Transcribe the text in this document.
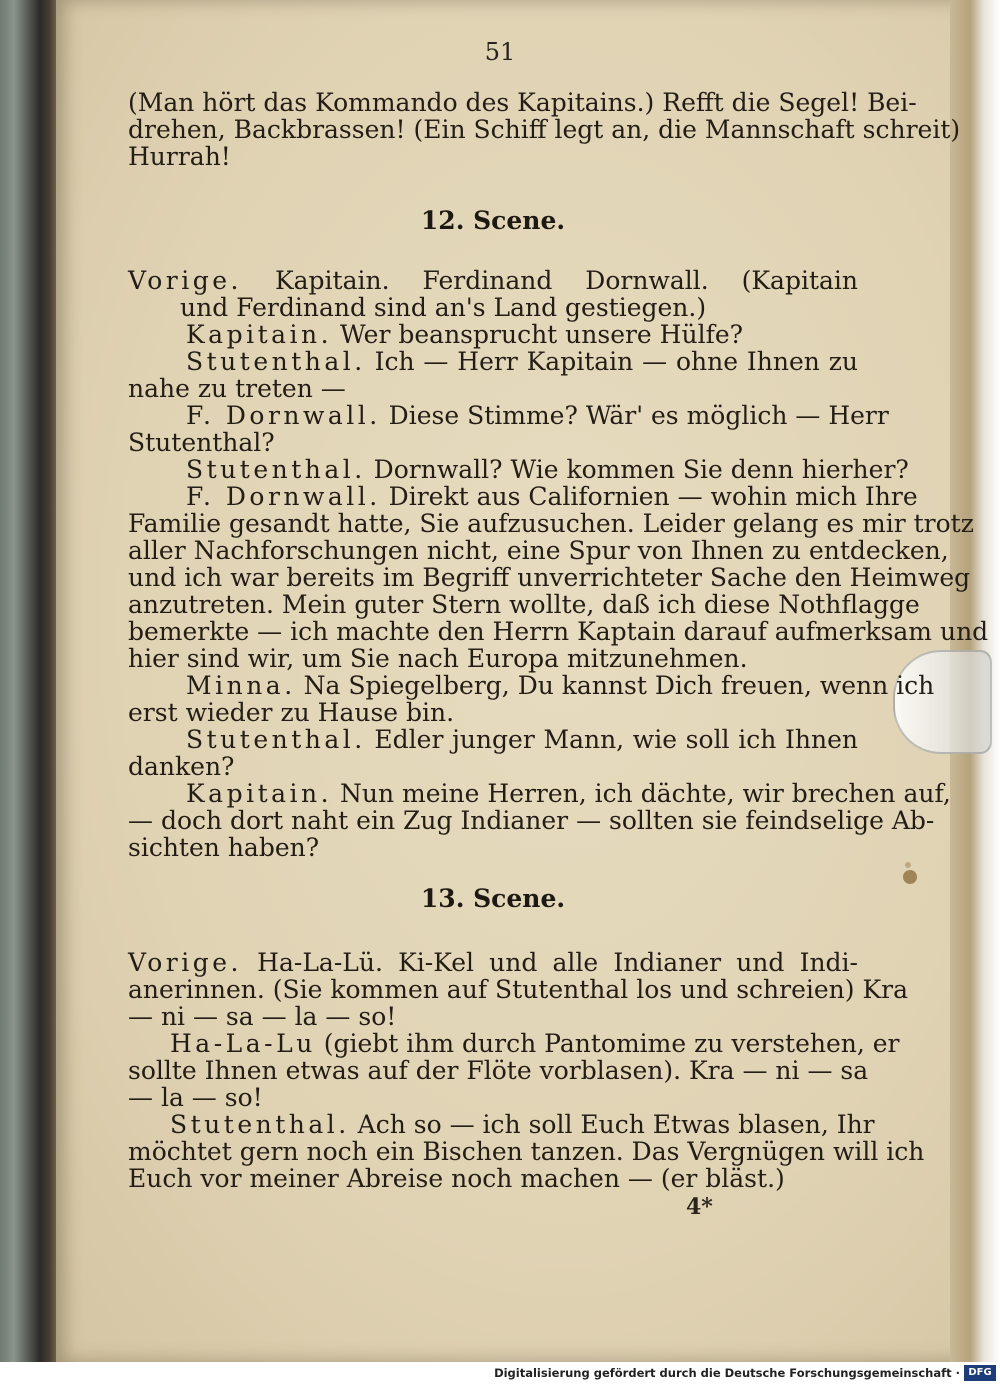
51
(Man hört das Kommando des Kapitains.) Refft die Segel! Bei-
drehen, Backbrassen! (Ein Schiff legt an, die Mannschaft schreit)
Hurrah!
12. Scene.
Vorige. Kapitain. Ferdinand Dornwall. (Kapitain
und Ferdinand sind an's Land gestiegen.)
Kapitain. Wer beansprucht unsere Hülfe?
Stutenthal. Ich — Herr Kapitain — ohne Ihnen zu
nahe zu treten —
F. Dornwall. Diese Stimme? Wär' es möglich — Herr
Stutenthal?
Stutenthal. Dornwall? Wie kommen Sie denn hierher?
F. Dornwall. Direkt aus Californien — wohin mich Ihre
Familie gesandt hatte, Sie aufzusuchen. Leider gelang es mir trotz
aller Nachforschungen nicht, eine Spur von Ihnen zu entdecken,
und ich war bereits im Begriff unverrichteter Sache den Heimweg
anzutreten. Mein guter Stern wollte, daß ich diese Nothflagge
bemerkte — ich machte den Herrn Kaptain darauf aufmerksam und
hier sind wir, um Sie nach Europa mitzunehmen.
Minna. Na Spiegelberg, Du kannst Dich freuen, wenn ich
erst wieder zu Hause bin.
Stutenthal. Edler junger Mann, wie soll ich Ihnen
danken?
Kapitain. Nun meine Herren, ich dächte, wir brechen auf,
— doch dort naht ein Zug Indianer — sollten sie feindselige Ab-
sichten haben?
13. Scene.
Vorige. Ha-La-Lü. Ki-Kel und alle Indianer und Indi-
anerinnen. (Sie kommen auf Stutenthal los und schreien) Kra
— ni — sa — la — so!
Ha-La-Lu (giebt ihm durch Pantomime zu verstehen, er
sollte Ihnen etwas auf der Flöte vorblasen). Kra — ni — sa
— la — so!
Stutenthal. Ach so — ich soll Euch Etwas blasen, Ihr
möchtet gern noch ein Bischen tanzen. Das Vergnügen will ich
Euch vor meiner Abreise noch machen — (er bläst.)
4*
Digitalisierung gefördert durch die Deutsche Forschungsgemeinschaft · DFG
